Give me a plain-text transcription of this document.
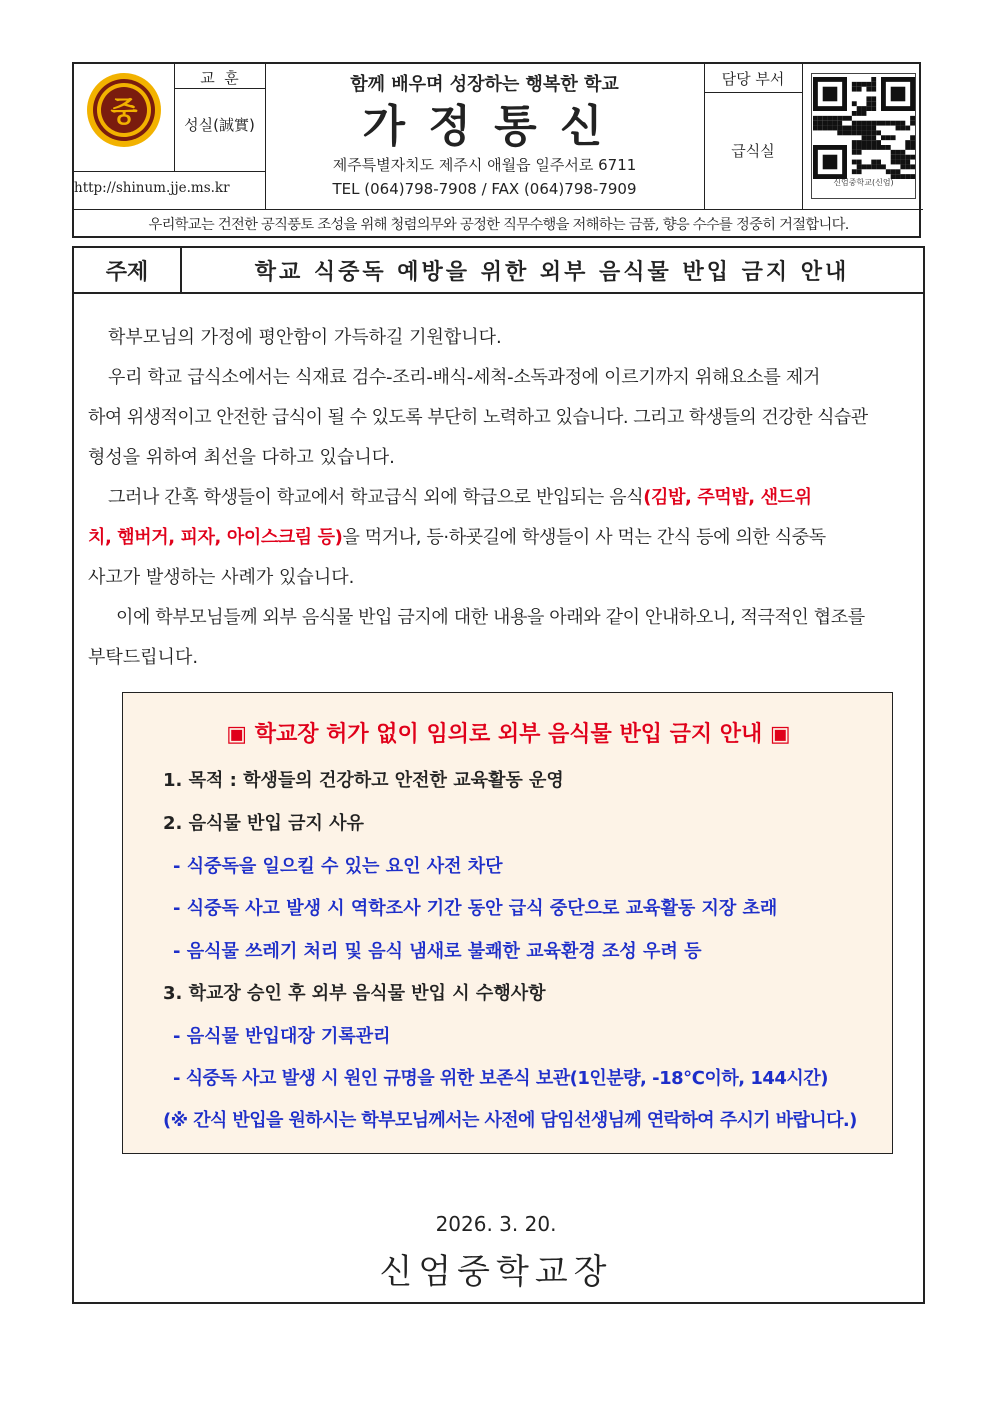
중
교  훈
성실(誠實)
http://shinum.jje.ms.kr
함께 배우며 성장하는 행복한 학교
가 정 통 신
제주특별자치도 제주시 애월읍 일주서로 6711
TEL (064)798-7908 / FAX (064)798-7909
담당 부서
급식실
신엄중학교(신엄)
우리학교는 건전한 공직풍토 조성을 위해 청렴의무와 공정한 직무수행을 저해하는 금품, 향응 수수를 정중히 거절합니다.
주제	학교 식중독 예방을 위한 외부 음식물 반입 금지 안내
학부모님의 가정에 평안함이 가득하길 기원합니다.
우리 학교 급식소에서는 식재료 검수-조리-배식-세척-소독과정에 이르기까지 위해요소를 제거
하여 위생적이고 안전한 급식이 될 수 있도록 부단히 노력하고 있습니다. 그리고 학생들의 건강한 식습관
형성을 위하여 최선을 다하고 있습니다.
그러나 간혹 학생들이 학교에서 학교급식 외에 학급으로 반입되는 음식(김밥, 주먹밥, 샌드위
치, 햄버거, 피자, 아이스크림 등)을 먹거나, 등·하굣길에 학생들이 사 먹는 간식 등에 의한 식중독
사고가 발생하는 사례가 있습니다.
이에 학부모님들께 외부 음식물 반입 금지에 대한 내용을 아래와 같이 안내하오니, 적극적인 협조를
부탁드립니다.
▣ 학교장 허가 없이 임의로 외부 음식물 반입 금지 안내 ▣
1. 목적 : 학생들의 건강하고 안전한 교육활동 운영
2. 음식물 반입 금지 사유
- 식중독을 일으킬 수 있는 요인 사전 차단
- 식중독 사고 발생 시 역학조사 기간 동안 급식 중단으로 교육활동 지장 초래
- 음식물 쓰레기 처리 및 음식 냄새로 불쾌한 교육환경 조성 우려 등
3. 학교장 승인 후 외부 음식물 반입 시 수행사항
- 음식물 반입대장 기록관리
- 식중독 사고 발생 시 원인 규명을 위한 보존식 보관(1인분량, -18℃이하, 144시간)
(※ 간식 반입을 원하시는 학부모님께서는 사전에 담임선생님께 연락하여 주시기 바랍니다.)
2026. 3. 20.
신엄중학교장
